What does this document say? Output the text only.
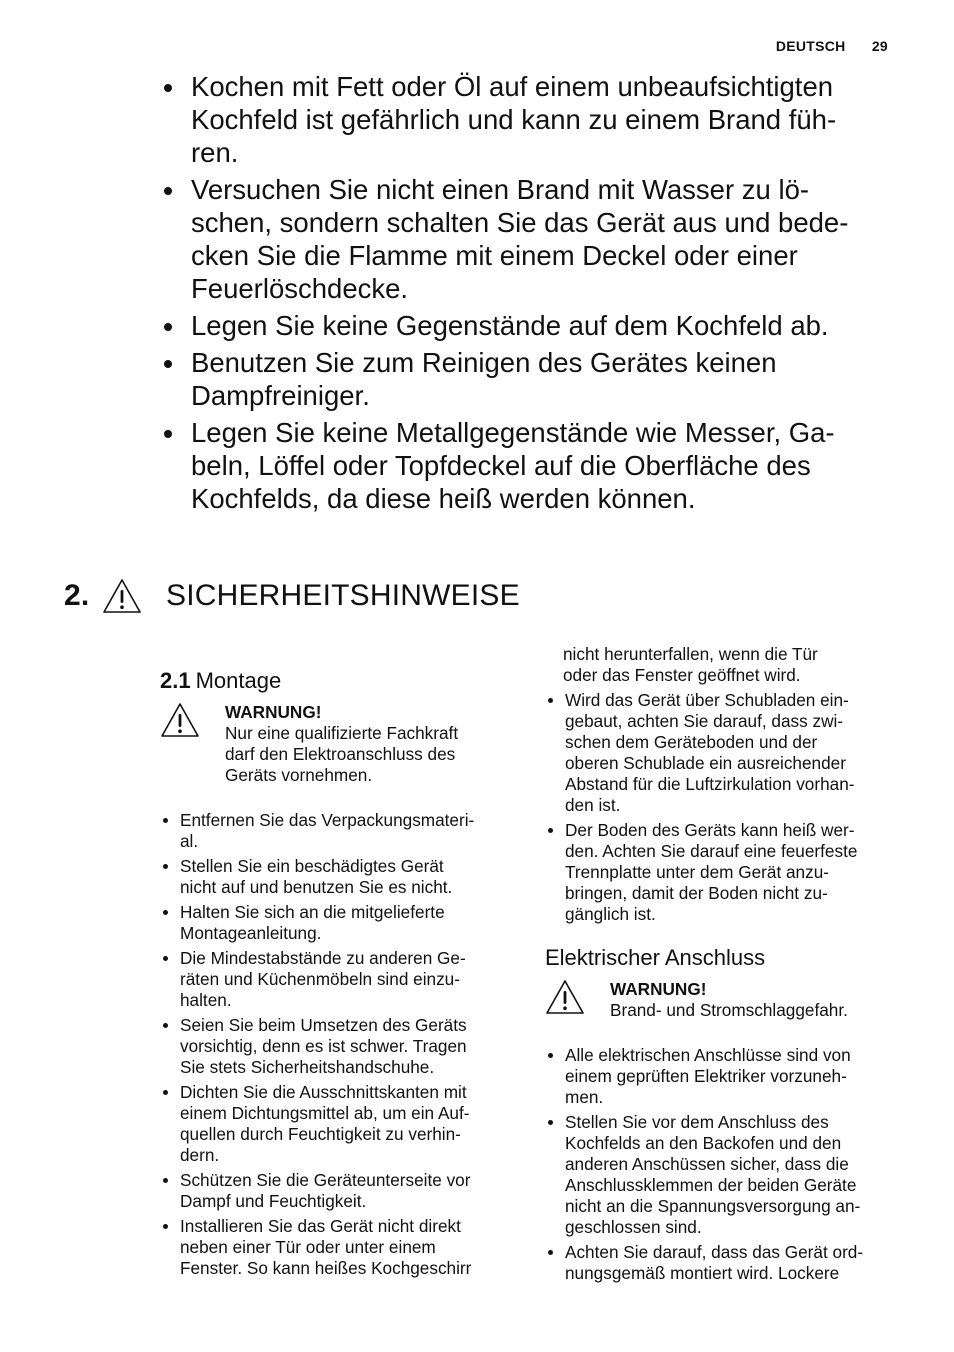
DEUTSCH 29
Kochen mit Fett oder Öl auf einem unbeaufsichtigten
Kochfeld ist gefährlich und kann zu einem Brand füh-
ren.
Versuchen Sie nicht einen Brand mit Wasser zu lö-
schen, sondern schalten Sie das Gerät aus und bede-
cken Sie die Flamme mit einem Deckel oder einer
Feuerlöschdecke.
Legen Sie keine Gegenstände auf dem Kochfeld ab.
Benutzen Sie zum Reinigen des Gerätes keinen
Dampfreiniger.
Legen Sie keine Metallgegenstände wie Messer, Ga-
beln, Löffel oder Topfdeckel auf die Oberfläche des
Kochfelds, da diese heiß werden können.
2.	SICHERHEITSHINWEISE
2.1 Montage
WARNUNG!
Nur eine qualifizierte Fachkraft
darf den Elektroanschluss des
Geräts vornehmen.
Entfernen Sie das Verpackungsmateri-
al.
Stellen Sie ein beschädigtes Gerät
nicht auf und benutzen Sie es nicht.
Halten Sie sich an die mitgelieferte
Montageanleitung.
Die Mindestabstände zu anderen Ge-
räten und Küchenmöbeln sind einzu-
halten.
Seien Sie beim Umsetzen des Geräts
vorsichtig, denn es ist schwer. Tragen
Sie stets Sicherheitshandschuhe.
Dichten Sie die Ausschnittskanten mit
einem Dichtungsmittel ab, um ein Auf-
quellen durch Feuchtigkeit zu verhin-
dern.
Schützen Sie die Geräteunterseite vor
Dampf und Feuchtigkeit.
Installieren Sie das Gerät nicht direkt
neben einer Tür oder unter einem
Fenster. So kann heißes Kochgeschirr
nicht herunterfallen, wenn die Tür
oder das Fenster geöffnet wird.
Wird das Gerät über Schubladen ein-
gebaut, achten Sie darauf, dass zwi-
schen dem Geräteboden und der
oberen Schublade ein ausreichender
Abstand für die Luftzirkulation vorhan-
den ist.
Der Boden des Geräts kann heiß wer-
den. Achten Sie darauf eine feuerfeste
Trennplatte unter dem Gerät anzu-
bringen, damit der Boden nicht zu-
gänglich ist.
Elektrischer Anschluss
WARNUNG!
Brand- und Stromschlaggefahr.
Alle elektrischen Anschlüsse sind von
einem geprüften Elektriker vorzuneh-
men.
Stellen Sie vor dem Anschluss des
Kochfelds an den Backofen und den
anderen Anschüssen sicher, dass die
Anschlussklemmen der beiden Geräte
nicht an die Spannungsversorgung an-
geschlossen sind.
Achten Sie darauf, dass das Gerät ord-
nungsgemäß montiert wird. Lockere
